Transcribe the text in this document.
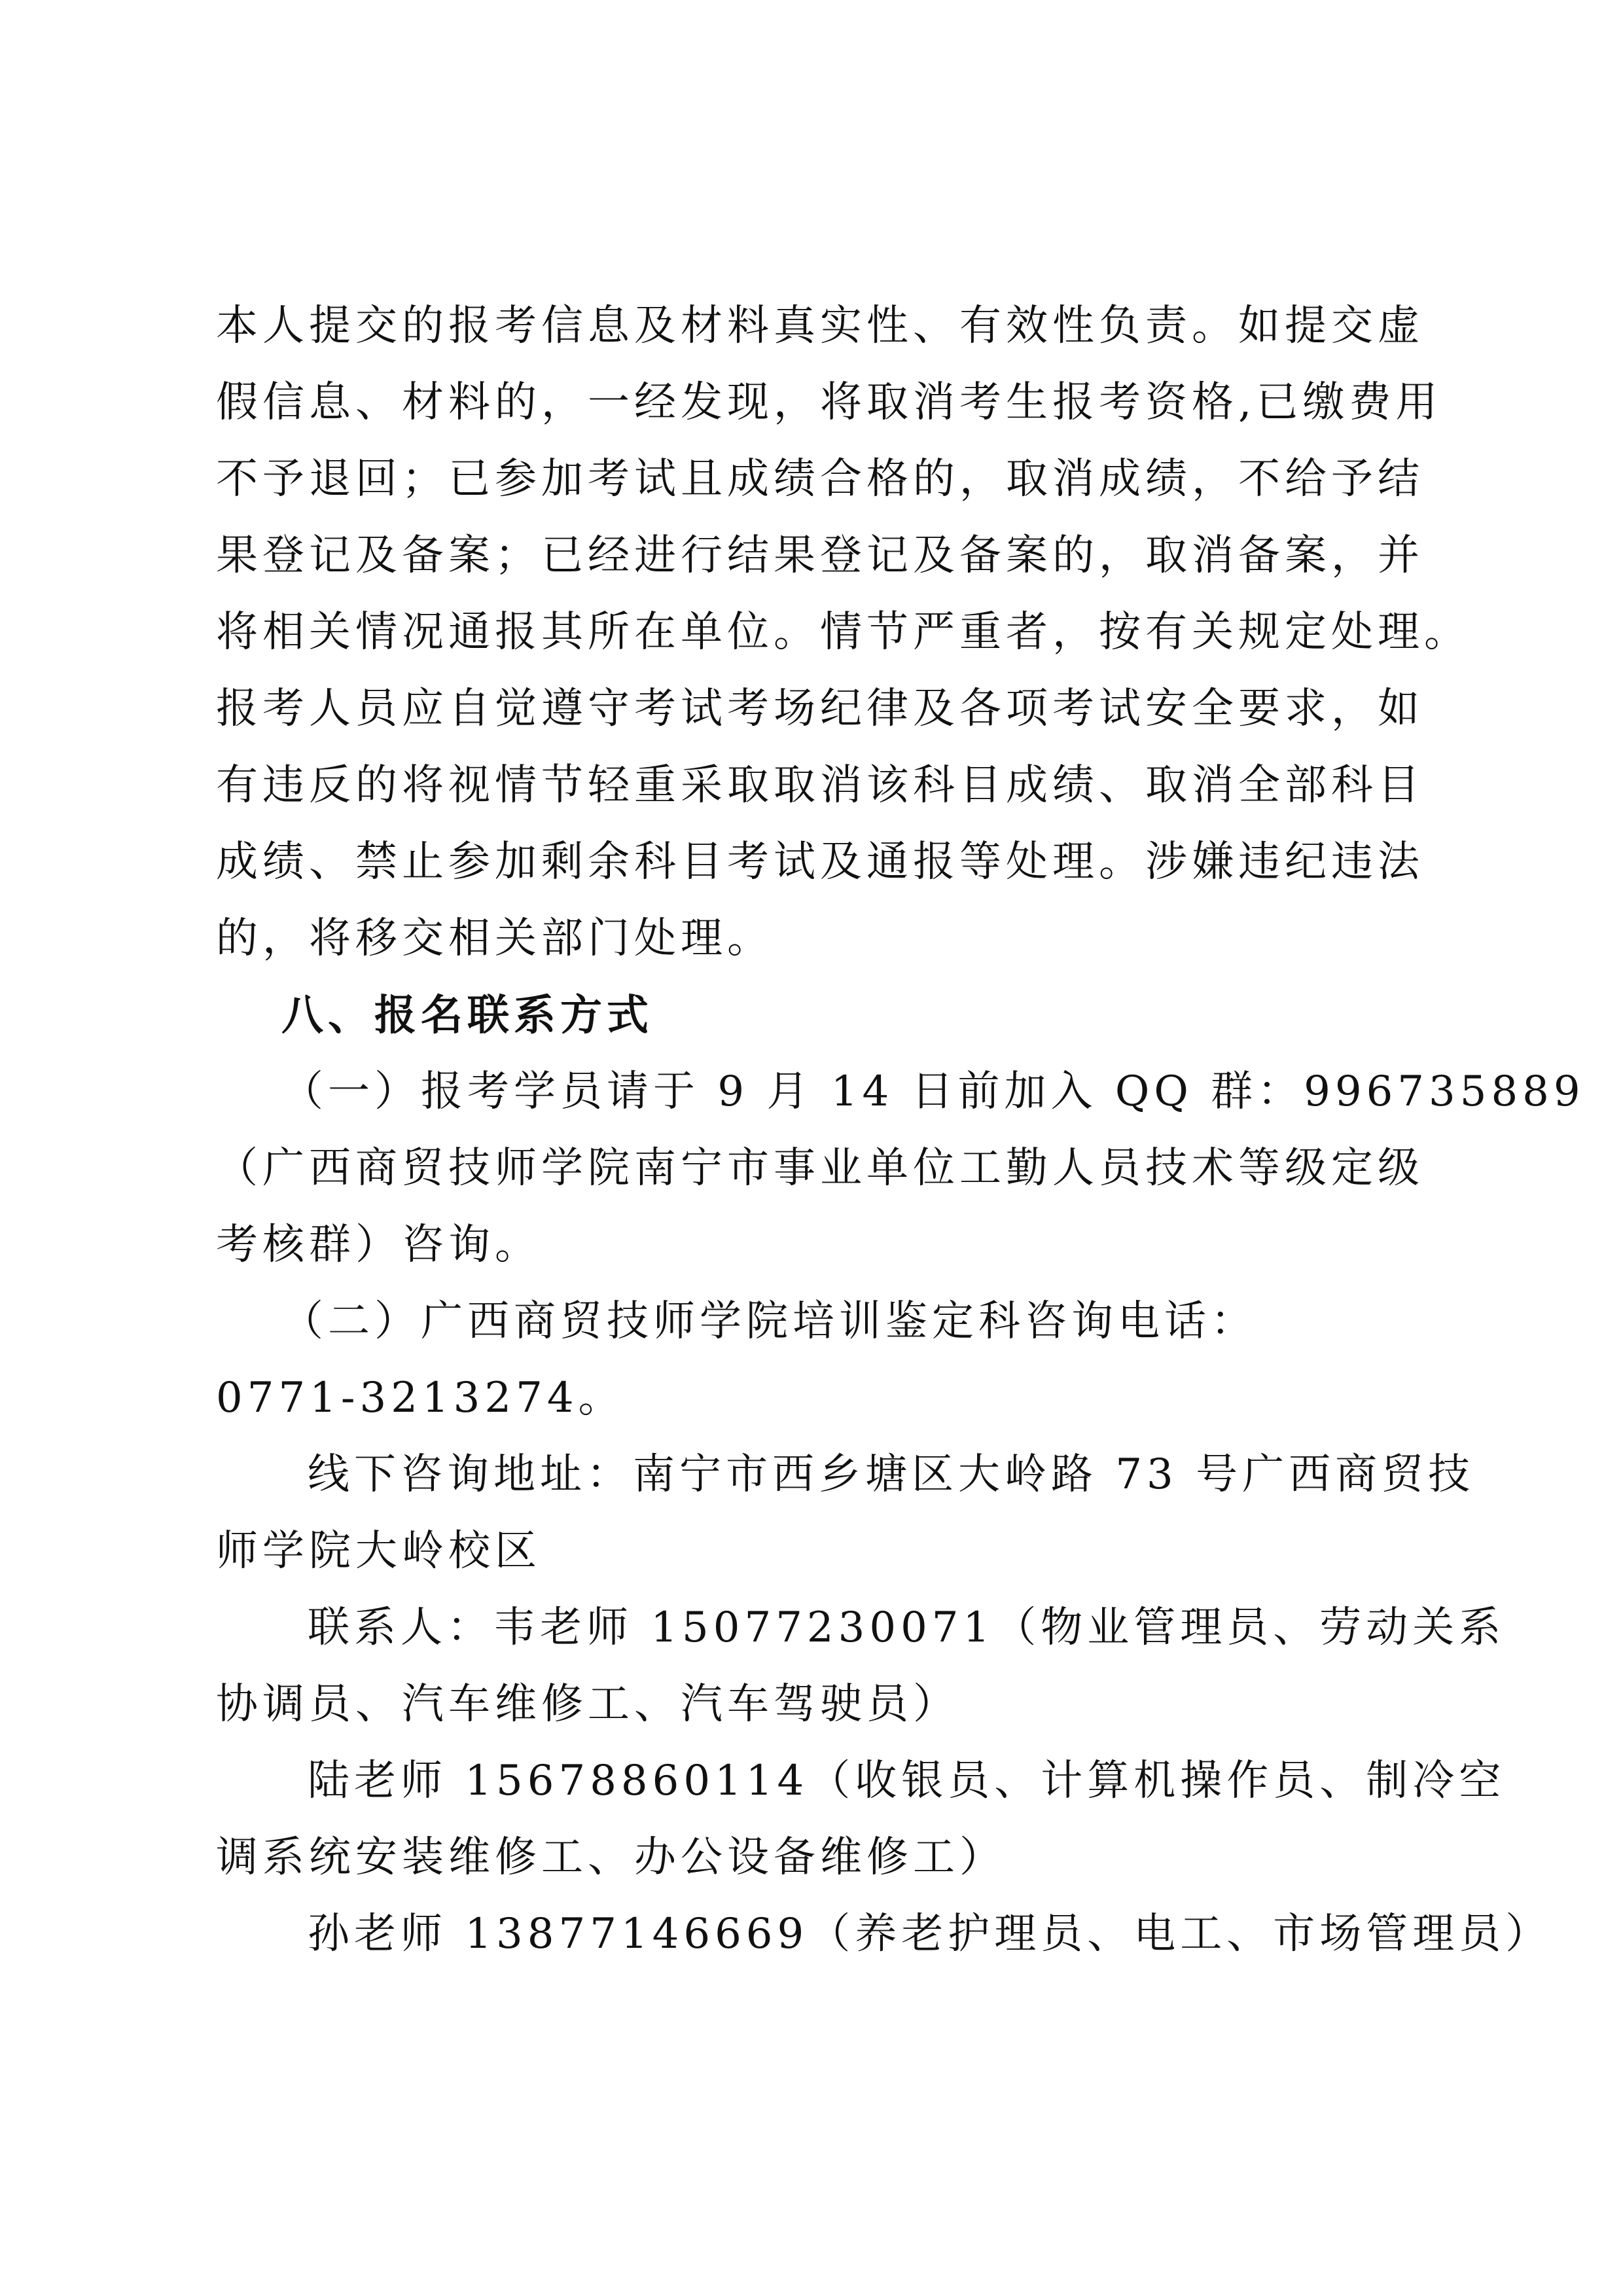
本人提交的报考信息及材料真实性、有效性负责。如提交虚
假信息、材料的，一经发现，将取消考生报考资格,已缴费用
不予退回；已参加考试且成绩合格的，取消成绩，不给予结
果登记及备案；已经进行结果登记及备案的，取消备案，并
将相关情况通报其所在单位。情节严重者，按有关规定处理。
报考人员应自觉遵守考试考场纪律及各项考试安全要求，如
有违反的将视情节轻重采取取消该科目成绩、取消全部科目
成绩、禁止参加剩余科目考试及通报等处理。涉嫌违纪违法
的，将移交相关部门处理。
八、报名联系方式
（一）报考学员请于 9 月 14 日前加入 QQ 群：996735889
（广西商贸技师学院南宁市事业单位工勤人员技术等级定级
考核群）咨询。
（二）广西商贸技师学院培训鉴定科咨询电话：
0771-3213274。
线下咨询地址：南宁市西乡塘区大岭路 73 号广西商贸技
师学院大岭校区
联系人：韦老师 15077230071（物业管理员、劳动关系
协调员、汽车维修工、汽车驾驶员）
陆老师 15678860114（收银员、计算机操作员、制冷空
调系统安装维修工、办公设备维修工）
孙老师 13877146669（养老护理员、电工、市场管理员）
